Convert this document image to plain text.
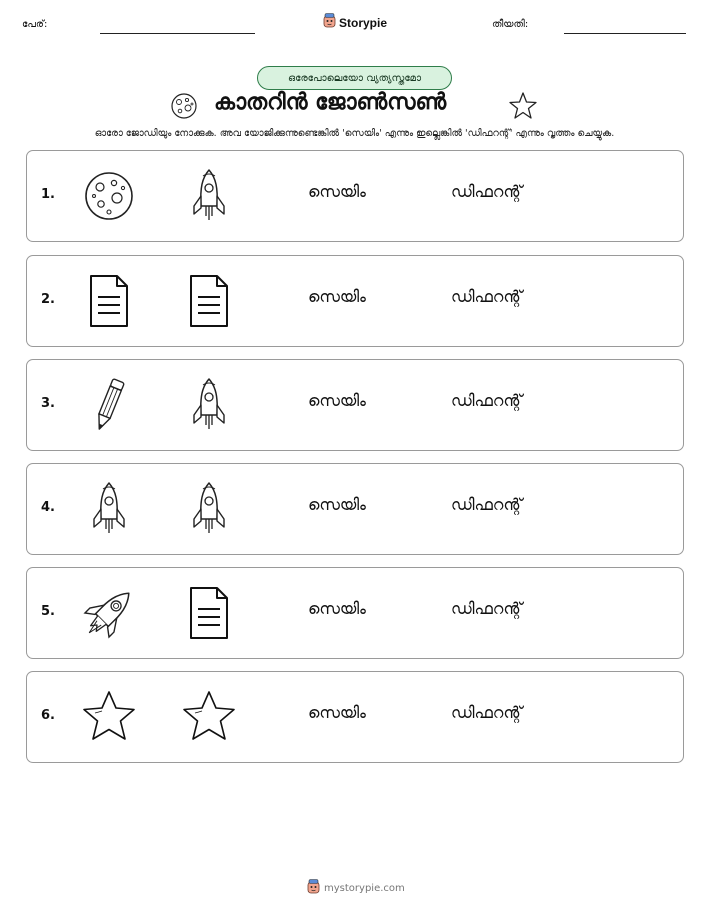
പേര്:	Storypie	തീയതി:
ഒരേപോലെയോ വ്യത്യസ്തമോ
കാതറിൻ ജോൺസൺ
ഓരോ ജോഡിയും നോക്കുക. അവ യോജിക്കുന്നുണ്ടെങ്കിൽ 'സെയിം' എന്നും ഇല്ലെങ്കിൽ 'ഡിഫറന്റ്' എന്നും വൃത്തം ചെയ്യുക.
1.	സെയിം	ഡിഫറന്റ്
2.	സെയിം	ഡിഫറന്റ്
3.	സെയിം	ഡിഫറന്റ്
4.	സെയിം	ഡിഫറന്റ്
5.	സെയിം	ഡിഫറന്റ്
6.	സെയിം	ഡിഫറന്റ്
mystorypie.com
